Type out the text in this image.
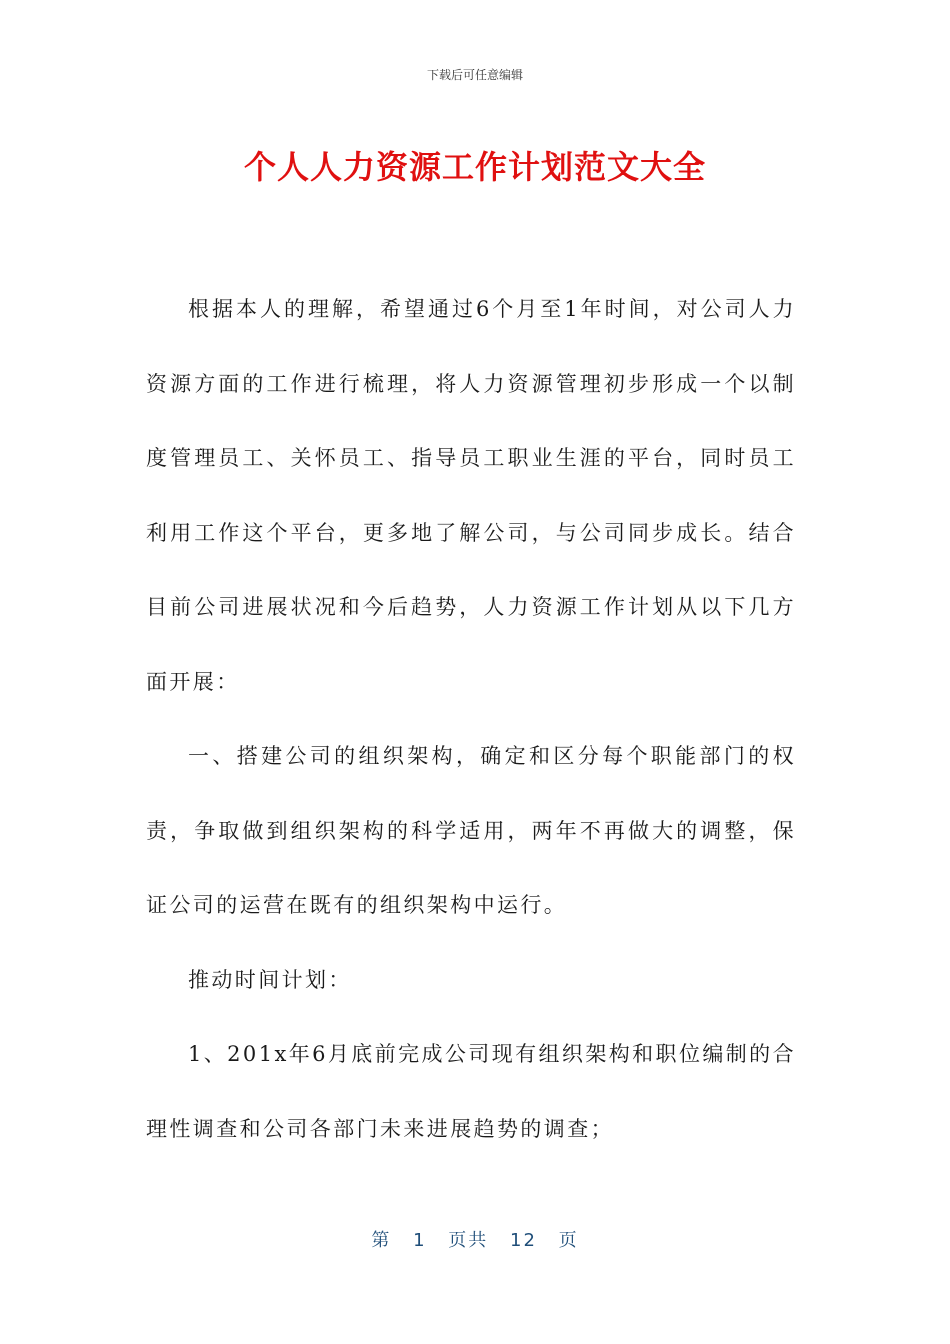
下载后可任意编辑
个人人力资源工作计划范文大全

根据本人的理解，希望通过6个月至1年时间，对公司人力资源方面的工作进行梳理，将人力资源管理初步形成一个以制度管理员工、关怀员工、指导员工职业生涯的平台，同时员工利用工作这个平台，更多地了解公司，与公司同步成长。结合目前公司进展状况和今后趋势，人力资源工作计划从以下几方面开展：

一、搭建公司的组织架构，确定和区分每个职能部门的权责，争取做到组织架构的科学适用，两年不再做大的调整，保证公司的运营在既有的组织架构中运行。

推动时间计划：

1、201x年6月底前完成公司现有组织架构和职位编制的合理性调查和公司各部门未来进展趋势的调查；

第 1 页共 12 页
